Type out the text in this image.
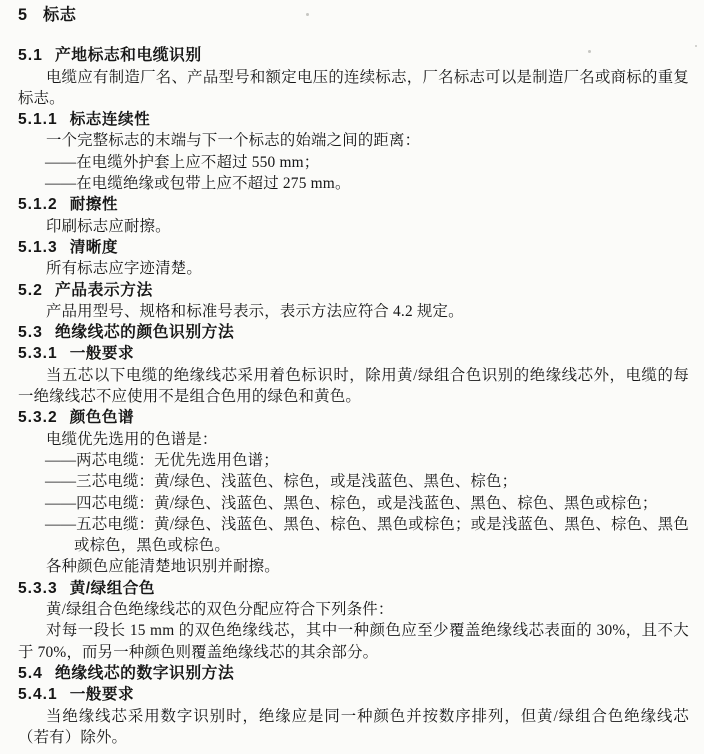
5 标志
5.1 产地标志和电缆识别

电缆应有制造厂名、产品型号和额定电压的连续标志，厂名标志可以是制造厂名或商标的重复标志。

5.1.1 标志连续性

一个完整标志的末端与下一个标志的始端之间的距离：

——在电缆外护套上应不超过 550 mm；

——在电缆绝缘或包带上应不超过 275 mm。

5.1.2 耐擦性

印刷标志应耐擦。

5.1.3 清晰度

所有标志应字迹清楚。

5.2 产品表示方法

产品用型号、规格和标准号表示，表示方法应符合 4.2 规定。

5.3 绝缘线芯的颜色识别方法
5.3.1 一般要求

当五芯以下电缆的绝缘线芯采用着色标识时，除用黄/绿组合色识别的绝缘线芯外，电缆的每一绝缘线芯不应使用不是组合色用的绿色和黄色。

5.3.2 颜色色谱

电缆优先选用的色谱是：

——两芯电缆：无优先选用色谱；

——三芯电缆：黄/绿色、浅蓝色、棕色，或是浅蓝色、黑色、棕色；

——四芯电缆：黄/绿色、浅蓝色、黑色、棕色，或是浅蓝色、黑色、棕色、黑色或棕色；

——五芯电缆：黄/绿色、浅蓝色、黑色、棕色、黑色或棕色；或是浅蓝色、黑色、棕色、黑色或棕色，黑色或棕色。

各种颜色应能清楚地识别并耐擦。

5.3.3 黄/绿组合色

黄/绿组合色绝缘线芯的双色分配应符合下列条件：

对每一段长 15 mm 的双色绝缘线芯，其中一种颜色应至少覆盖绝缘线芯表面的 30%，且不大于 70%，而另一种颜色则覆盖绝缘线芯的其余部分。

5.4 绝缘线芯的数字识别方法
5.4.1 一般要求

当绝缘线芯采用数字识别时，绝缘应是同一种颜色并按数序排列，但黄/绿组合色绝缘线芯（若有）除外。
